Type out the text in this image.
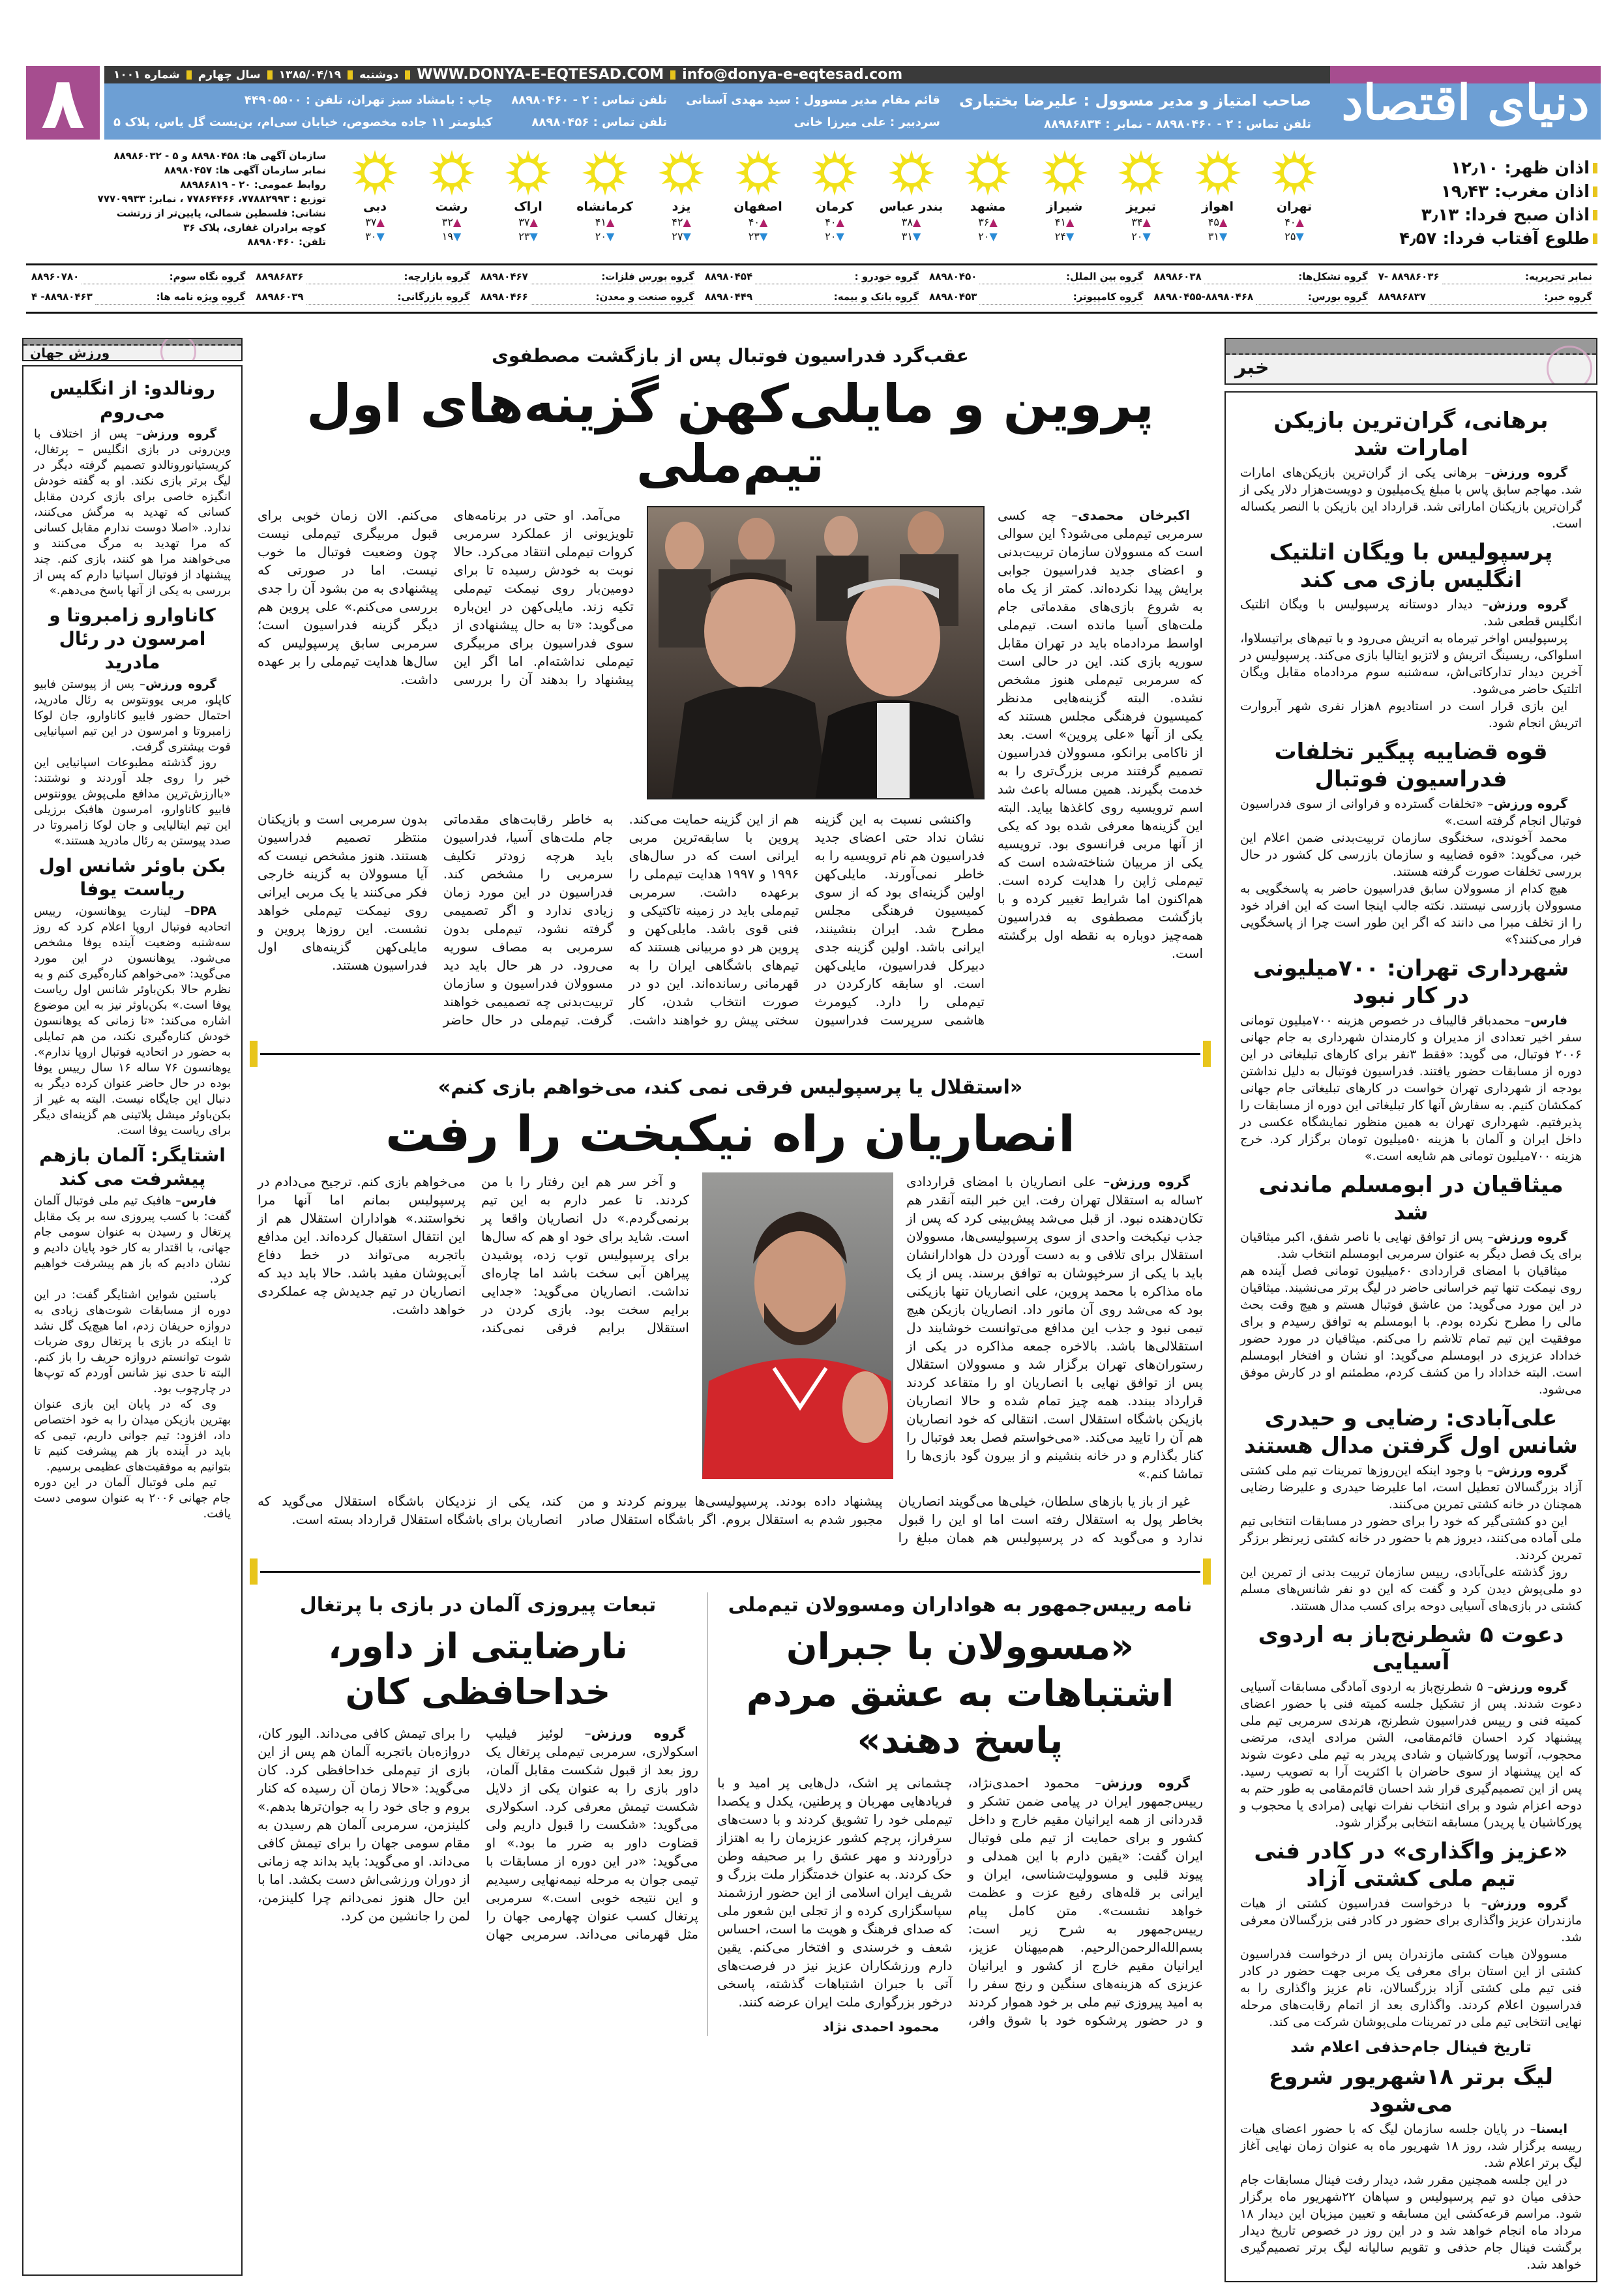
۸	شماره ۱۰۰۱ سال چهارم ۱۳۸۵/۰۴/۱۹ دوشنبه WWW.DONYA-E-EQTESAD.COM info@donya-e-eqtesad.com	دنیای اقتصاد
صاحب امتیاز و مدیر مسوول : علیرضا بختیاری
تلفن تماس : ۲ - ۸۸۹۸۰۴۶۰ - نمابر : ۸۸۹۸۶۸۳۴
قائم مقام مدیر مسوول : سید مهدی آستانی
سردبیر : علی میرزا خانی
تلفن تماس : ۲ - ۸۸۹۸۰۴۶۰
تلفن تماس : ۸۸۹۸۰۴۵۶
چاپ : بامشاد سبز تهران، تلفن : ۴۴۹۰۵۵۰۰
کیلومتر ۱۱ جاده مخصوص، خیابان سی‌ام، بن‌بست گل یاس، پلاک ۵
اذان ظهر: ۱۲٫۱۰
اذان مغرب: ۱۹٫۴۳
اذان صبح فردا: ۳٫۱۳
طلوع آفتاب فردا: ۴٫۵۷
تهران
▲۴۰
▼۲۵
اهواز
▲۴۵
▼۳۱
تبریز
▲۳۴
▼۲۰
شیراز
▲۴۱
▼۲۴
مشهد
▲۳۶
▼۲۰
بندر عباس
▲۳۸
▼۳۱
کرمان
▲۴۰
▼۲۰
اصفهان
▲۴۰
▼۲۳
یزد
▲۴۲
▼۲۷
کرمانشاه
▲۴۱
▼۲۰
اراک
▲۳۷
▼۲۳
رشت
▲۳۲
▼۱۹
دبی
▲۳۷
▼۳۰
سازمان آگهی ها: ۸۸۹۸۰۴۵۸ و ۵ - ۸۸۹۸۶۰۳۲
نمابر سازمان آگهی ها: ۸۸۹۸۰۴۵۷
روابط عمومی: ۲۰ - ۸۸۹۸۶۸۱۹
توزیع : ۷۷۸۸۲۹۹۳، ۷۷۸۶۴۴۶۶ ، نمابر: ۷۷۷۰۹۹۳۳
نشانی: فلسطین شمالی، پایین‌تر از زرتشت
کوچه برادران غفاری، پلاک ۳۶
تلفن: ۸۸۹۸۰۴۶۰
نمابر تحریریه:
۸۸۹۸۶۰۳۶ -۷
گروه تشکل‌ها:
۸۸۹۸۶۰۳۸
گروه بین الملل:
۸۸۹۸۰۴۵۰
گروه خودرو :
۸۸۹۸۰۴۵۴
گروه بورس فلزات:
۸۸۹۸۰۴۶۷
گروه بازارچه:
۸۸۹۸۶۸۳۶
گروه نگاه سوم:
۸۸۹۶۰۷۸۰
گروه خبر:
۸۸۹۸۶۸۳۷
گروه بورس:
۸۸۹۸۰۴۵۵-۸۸۹۸۰۴۶۸
گروه کامپیوتر:
۸۸۹۸۰۴۵۳
گروه بانک و بیمه:
۸۸۹۸۰۴۴۹
گروه صنعت و معدن:
۸۸۹۸۰۴۶۶
گروه بازرگانی:
۸۸۹۸۶۰۳۹
گروه ویژه نامه ها:
۸۸۹۸۰۴۶۳- ۴
خبر
برهانی، گران‌ترین بازیکن امارات شد
گروه ورزش– برهانی یکی از گران‌ترین بازیکن‌های امارات شد. مهاجم سابق پاس با مبلغ یک‌میلیون و دویست‌هزار دلار یکی از گران‌ترین بازیکنان اماراتی شد. قرارداد این بازیکن با النصر یکساله است.
پرسپولیس با ویگان اتلتیک انگلیس بازی می کند
گروه ورزش– دیدار دوستانه پرسپولیس با ویگان اتلتیک انگلیس قطعی شد.
پرسپولیس اواخر تیرماه به اتریش می‌رود و با تیم‌های براتیسلاوا، اسلواکی، ریسینگ اتریش و لاتزیو ایتالیا بازی می‌کند. پرسپولیس در آخرین دیدار تدارکاتی‌اش، سه‌شنبه سوم مردادماه مقابل ویگان اتلتیک حاضر می‌شود.
این بازی قرار است در استادیوم ۸هزار نفری شهر آبروارت اتریش انجام شود.
قوه قضاییه پیگیر تخلفات فدراسیون فوتبال
گروه ورزش– «تخلفات گسترده و فراوانی از سوی فدراسیون فوتبال انجام گرفته است.»
محمد آخوندی، سخنگوی سازمان تربیت‌بدنی ضمن اعلام این خبر، می‌گوید: «قوه قضاییه و سازمان بازرسی کل کشور در حال بررسی تخلفات صورت گرفته هستند.
هیچ کدام از مسوولان سابق فدراسیون حاضر به پاسخگویی به مسوولان بازرسی نیستند. نکته جالب اینجا است که این افراد خود را از تخلف مبرا می دانند که اگر این طور است چرا از پاسخگویی فرار می‌کنند؟»
شهرداری تهران: ۷۰۰میلیونی در کار نبود
فارس– محمدباقر قالیباف در خصوص هزینه ۷۰۰میلیون تومانی سفر اخیر تعدادی از مدیران و کارمندان شهرداری به جام جهانی ۲۰۰۶ فوتبال، می گوید: «فقط ۳نفر برای کارهای تبلیغاتی در این دوره از مسابقات حضور یافتند. فدراسیون فوتبال به دلیل نداشتن بودجه از شهرداری تهران خواست در کارهای تبلیغاتی جام جهانی کمکشان کنیم. به سفارش آنها کار تبلیغاتی این دوره از مسابقات را پذیرفتیم. شهرداری تهران به همین منظور نمایشگاه عکسی در داخل ایران و آلمان با هزینه ۵۰میلیون تومان برگزار کرد. خرج هزینه ۷۰۰میلیون تومانی هم شایعه است.»
میثاقیان در ابومسلم ماندنی شد
گروه ورزش– پس از توافق نهایی با ناصر شفق، اکبر میثاقیان برای یک فصل دیگر به عنوان سرمربی ابومسلم انتخاب شد.
میثاقیان با امضای قراردادی ۶۰میلیون تومانی فصل آینده هم روی نیمکت تنها تیم خراسانی حاضر در لیگ برتر می‌نشیند. میثاقیان در این مورد می‌گوید: من عاشق فوتبال هستم و هیچ وقت بحث مالی را مطرح نکرده بودم. با ابومسلم به توافق رسیدم و برای موفقیت این تیم تمام تلاشم را می‌کنم. میثاقیان در مورد حضور خداداد عزیزی در ابومسلم می‌گوید: او نشان و افتخار ابومسلم است. البته خداداد را من کشف کردم، مطمئنم او در کارش موفق می‌شود.
علی‌آبادی: رضایی و حیدری شانس اول گرفتن مدال هستند
گروه ورزش– با وجود اینکه این‌روزها تمرینات تیم ملی کشتی آزاد بزرگسالان تعطیل است، اما علیرضا حیدری و علیرضا رضایی همچنان در خانه کشتی تمرین می‌کنند.
این دو کشتی‌گیر که خود را برای حضور در مسابقات انتخابی تیم ملی آماده می‌کنند، دیروز هم با حضور در خانه کشتی زیرنظر برزگر تمرین کردند.
روز گذشته علی‌آبادی، رییس سازمان تربیت بدنی از تمرین این دو ملی‌پوش دیدن کرد و گفت که این دو نفر شانس‌های مسلم کشتی در بازی‌های آسیایی دوحه برای کسب مدال هستند.
دعوت ۵ شطرنج‌باز به اردوی آسیایی
گروه ورزش– ۵ شطرنج‌باز به اردوی آمادگی مسابقات آسیایی دعوت شدند. پس از تشکیل جلسه کمیته فنی با حضور اعضای کمیته فنی و رییس فدراسیون شطرنج، هرندی سرمربی تیم ملی پیشنهاد کرد احسان قائم‌مقامی، الشن مرادی ایدی، مرتضی محجوب، آتوسا پورکاشیان و شادی پریدر به تیم ملی دعوت شوند که این پیشنهاد از سوی حاضران با اکثریت آرا به تصویب رسید. پس از این تصمیم‌گیری قرار شد احسان قائم‌مقامی به طور حتم به دوحه اعزام شود و برای انتخاب نفرات نهایی (مرادی یا محجوب و پورکاشیان یا پریدر) مسابقه انتخابی برگزار شود.
«عزیز واگذاری» در کادر فنی تیم ملی کشتی آزاد
گروه ورزش– با درخواست فدراسیون کشتی از هیات مازندران عزیز واگذاری برای حضور در کادر فنی بزرگسالان معرفی شد.
مسوولان هیات کشتی مازندران پس از درخواست فدراسیون کشتی از این استان برای معرفی یک مربی جهت حضور در کادر فنی تیم ملی کشتی آزاد بزرگسالان، نام عزیز واگذاری را به فدراسیون اعلام کردند. واگذاری بعد از اتمام رقابت‌های مرحله نهایی انتخابی تیم ملی در تمرینات ملی‌پوشان شرکت می کند.
تاریخ فینال جام‌حذفی اعلام شد
لیگ برتر ۱۸شهریور شروع می‌شود
ایسنا– در پایان جلسه سازمان لیگ که با حضور اعضای هیات رییسه برگزار شد، روز ۱۸ شهریور ماه به عنوان زمان نهایی آغاز لیگ برتر اعلام شد.
در این جلسه همچنین مقرر شد، دیدار رفت فینال مسابقات جام حذفی میان دو تیم پرسپولیس و سپاهان ۲۲شهریور ماه برگزار شود. مراسم قرعه‌کشی این مسابقه و تعیین میزبان این دیدار ۱۸ مرداد ماه انجام خواهد شد و در این روز در خصوص تاریخ دیدار برگشت فینال جام حذفی و تقویم سالیانه لیگ برتر تصمیم‌گیری خواهد شد.
ورزش جهان
رونالدو: از انگلیس می‌روم
گروه ورزش– پس از اختلاف با وین‌رونی در بازی انگلیس – پرتغال، کریستیانورونالدو تصمیم گرفته دیگر در لیگ برتر بازی نکند. او به گفته خودش انگیزه خاصی برای بازی کردن مقابل کسانی که تهدید به مرگش می‌کنند، ندارد. «اصلا دوست ندارم مقابل کسانی که مرا تهدید به مرگ می‌کنند و می‌خواهند مرا هو کنند، بازی کنم. چند پیشنهاد از فوتبال اسپانیا دارم که پس از بررسی به یکی از آنها پاسخ می‌دهم.»
کاناوارو زامبروتا و امرسون در رئال مادرید
گروه ورزش– پس از پیوستن فابیو کاپلو، مربی یوونتوس به رئال مادرید، احتمال حضور فابیو کاناوارو، جان لوکا زامبروتا و امرسون در این تیم اسپانیایی قوت بیشتری گرفت.
روز گذشته مطبوعات اسپانیایی این خبر را روی جلد آوردند و نوشتند: «باارزش‌ترین مدافع ملی‌پوش یوونتوس فابیو کاناوارو، امرسون هافبک برزیلی این تیم ایتالیایی و جان لوکا زامبروتا در صدد پیوستن به رئال مادرید هستند.»
بکن باوئر شانس اول ریاست یوفا
DPA– لینارت یوهانسون، رییس اتحادیه فوتبال اروپا اعلام کرد که روز سه‌شنبه وضعیت آینده یوفا مشخص می‌شود. یوهانسون در این مورد می‌گوید: «می‌خواهم کناره‌گیری کنم و به نظرم حالا بکن‌باوئر شانس اول ریاست یوفا است.» بکن‌باوئر نیز به این موضوع اشاره می‌کند: «تا زمانی که یوهانسون خودش کناره‌گیری نکند، من هم تمایلی به حضور در اتحادیه فوتبال اروپا ندارم». یوهانسون ۷۶ ساله ۱۶ سال رییس یوفا بوده در حال حاضر عنوان کرده دیگر به دنبال این جایگاه نیست. البته به غیر از بکن‌باوئر میشل پلاتینی هم گزینه‌ای دیگر برای ریاست یوفا است.
اشتایگر: آلمان بازهم پیشرفت می کند
فارس– هافبک تیم ملی فوتبال آلمان گفت: با کسب پیروزی سه بر یک مقابل پرتغال و رسیدن به عنوان سومی جام جهانی، با اقتدار به کار خود پایان دادیم و نشان دادیم که باز هم پیشرفت خواهیم کرد.
باستین شواین اشتایگر گفت: در این دوره از مسابقات شوت‌های زیادی به دروازه حریفان زدم، اما هیچ‌یک گل نشد تا اینکه در بازی با پرتغال روی ضربات شوت توانستم دروازه حریف را باز کنم. البته تا حدی نیز شانس آوردم که توپ‌ها در چارچوب بود.
وی که در پایان این بازی عنوان بهترین بازیکن میدان را به خود اختصاص داد، افزود: تیم جوانی داریم، تیمی که باید در آینده باز هم پیشرفت کنیم تا بتوانیم به موفقیت‌های عظیمی برسیم.
تیم ملی فوتبال آلمان در این دوره جام جهانی ۲۰۰۶ به عنوان سومی دست یافت.
عقب‌گرد فدراسیون فوتبال پس از بازگشت مصطفوی
پروین و مایلی‌کهن گزینه‌های اول تیم‌ملی

اکبرخان محمدی– چه کسی سرمربی تیم‌ملی می‌شود؟ این سوالی است که مسوولان سازمان تربیت‌بدنی و اعضای جدید فدراسیون جوابی برایش پیدا نکرده‌اند. کمتر از یک ماه به شروع بازی‌های مقدماتی جام ملت‌های آسیا مانده است. تیم‌ملی اواسط مردادماه باید در تهران مقابل سوریه بازی کند. این در حالی است که سرمربی تیم‌ملی هنوز مشخص نشده. البته گزینه‌هایی مدنظر کمیسیون فرهنگی مجلس هستند که یکی از آنها «علی پروین» است. بعد از ناکامی برانکو، مسوولان فدراسیون تصمیم گرفتند مربی بزرگ‌تری را به خدمت بگیرند. همین مساله باعث شد اسم ترویسیه روی کاغذها بیاید. البته این گزینه‌ها معرفی شده بود که یکی از آنها مربی فرانسوی بود. ترویسیه یکی از مربیان شناخته‌شده است که تیم‌ملی ژاپن را هدایت کرده است. هم‌اکنون اما شرایط تغییر کرده و با بازگشت مصطفوی به فدراسیون همه‌چیز دوباره به نقطه اول برگشته است.

می‌آمد. او حتی در برنامه‌های تلویزیونی از عملکرد سرمربی کروات تیم‌ملی انتقاد می‌کرد. حالا نوبت به خودش رسیده تا برای دومین‌بار روی نیمکت تیم‌ملی تکیه زند. مایلی‌کهن در این‌باره می‌گوید: «تا به حال پیشنهادی از سوی فدراسیون برای مربیگری تیم‌ملی نداشته‌ام. اما اگر این پیشنهاد را بدهند آن را بررسی می‌کنم. الان زمان خوبی برای قبول مربیگری تیم‌ملی نیست چون وضعیت فوتبال ما خوب نیست. اما در صورتی که پیشنهادی به من بشود آن را جدی بررسی می‌کنم.» علی پروین هم دیگر گزینه فدراسیون است؛ سرمربی سابق پرسپولیس که سال‌ها هدایت تیم‌ملی را بر عهده داشت.

واکنشی نسبت به این گزینه نشان نداد حتی اعضای جدید فدراسیون هم نام ترویسیه را به خاطر نمی‌آورند. مایلی‌کهن اولین گزینه‌ای بود که از سوی کمیسیون فرهنگی مجلس مطرح شد. ایران بنشینند، ایرانی باشد. اولین گزینه جدی دبیرکل فدراسیون، مایلی‌کهن است. او سابقه کارکردن در تیم‌ملی را دارد. کیومرث هاشمی سرپرست فدراسیون هم از این گزینه حمایت می‌کند. پروین با سابقه‌ترین مربی ایرانی است که در سال‌های ۱۹۹۶ و ۱۹۹۷ هدایت تیم‌ملی را برعهده داشت. سرمربی تیم‌ملی باید در زمینه تاکتیکی و فنی قوی باشد. مایلی‌کهن و پروین هر دو مربیانی هستند که تیم‌های باشگاهی ایران را به قهرمانی رسانده‌اند. این دو در صورت انتخاب شدن، کار سختی پیش رو خواهند داشت. به خاطر رقابت‌های مقدماتی جام ملت‌های آسیا، فدراسیون باید هرچه زودتر تکلیف سرمربی را مشخص کند. فدراسیون در این مورد زمان زیادی ندارد و اگر تصمیمی گرفته نشود، تیم‌ملی بدون سرمربی به مصاف سوریه می‌رود. در هر حال باید دید مسوولان فدراسیون و سازمان تربیت‌بدنی چه تصمیمی خواهند گرفت. تیم‌ملی در حال حاضر بدون سرمربی است و بازیکنان منتظر تصمیم فدراسیون هستند. هنوز مشخص نیست که آیا مسوولان به گزینه خارجی فکر می‌کنند یا یک مربی ایرانی روی نیمکت تیم‌ملی خواهد نشست. این روزها پروین و مایلی‌کهن گزینه‌های اول فدراسیون هستند.

«استقلال یا پرسپولیس فرقی نمی کند، می‌خواهم بازی کنم»
انصاریان راه نیکبخت را رفت

گروه ورزش– علی انصاریان با امضای قراردادی ۲ساله به استقلال تهران رفت. این خبر البته آنقدر هم تکان‌دهنده نبود. از قبل می‌شد پیش‌بینی کرد که پس از جذب نیکبخت واحدی از سوی پرسپولیسی‌ها، مسوولان استقلال برای تلافی و به دست آوردن دل هوادارانشان باید با یکی از سرخپوشان به توافق برسند. پس از یک ماه مذاکره با محمد پروین، علی انصاریان تنها بازیکنی بود که می‌شد روی آن مانور داد. انصاریان بازیکن هیچ تیمی نبود و جذب این مدافع می‌توانست خوشایند دل استقلالی‌ها باشد. بالاخره جمعه مذاکره در یکی از رستوران‌های تهران برگزار شد و مسوولان استقلال پس از توافق نهایی با انصاریان او را متقاعد کردند قرارداد ببندد. همه چیز تمام شده و حالا انصاریان بازیکن باشگاه استقلال است. انتقالی که خود انصاریان هم آن را تایید می‌کند. «می‌خواستم فصل بعد فوتبال را کنار بگذارم و در خانه بنشینم و از بیرون گود بازی‌ها را تماشا کنم.»

و آخر سر هم این رفتار را با من کردند. تا عمر دارم به این تیم برنمی‌گردم.» دل انصاریان واقعا پر است. شاید برای خود او هم که سال‌ها برای پرسپولیس توپ زده، پوشیدن پیراهن آبی سخت باشد اما چاره‌ای نداشت. انصاریان می‌گوید: «جدایی برایم سخت بود. بازی کردن در استقلال برایم فرقی نمی‌کند، می‌خواهم بازی کنم. ترجیح می‌دادم در پرسپولیس بمانم اما آنها مرا نخواستند.» هواداران استقلال هم از این انتقال استقبال کرده‌اند. این مدافع باتجربه می‌تواند در خط دفاع آبی‌پوشان مفید باشد. حالا باید دید که انصاریان در تیم جدیدش چه عملکردی خواهد داشت.

غیر از باز یا بازهای سلطان، خیلی‌ها می‌گویند انصاریان بخاطر پول به استقلال رفته است اما او این را قبول ندارد و می‌گوید که در پرسپولیس هم همان مبلغ را پیشنهاد داده بودند. پرسپولیسی‌ها بیرونم کردند و من مجبور شدم به استقلال بروم. اگر باشگاه استقلال صادر کند، یکی از نزدیکان باشگاه استقلال می‌گوید که انصاریان برای باشگاه استقلال قرارداد بسته است.

نامه رییس‌جمهور به هواداران ومسوولان تیم‌ملی
«مسوولان با جبران اشتباهات به عشق مردم پاسخ دهند»

گروه ورزش– محمود احمدی‌نژاد، رییس‌جمهور ایران در پیامی ضمن تشکر و قدردانی از همه ایرانیان مقیم خارج و داخل کشور و برای حمایت از تیم ملی فوتبال ایران گفت: «یقین دارم با این همدلی و پیوند قلبی و مسوولیت‌شناسی، ایران و ایرانی بر قله‌های رفیع عزت و عظمت خواهد نشست». متن کامل پیام رییس‌جمهور به شرح زیر است: بسم‌الله‌الرحمن‌الرحیم. هم‌میهنان عزیز، ایرانیان مقیم خارج از کشور و ایرانیان عزیزی که هزینه‌های سنگین و رنج سفر را به امید پیروزی تیم ملی بر خود هموار کردند و در حضور پرشکوه خود با شوق وافر، چشمانی پر اشک، دل‌هایی پر امید و با فریادهایی مهربان و پرطنین، یکدل و یکصدا تیم‌ملی خود را تشویق کردند و با دست‌های سرفراز، پرچم کشور عزیزمان را به اهتزاز درآوردند و مهر عشق را بر صحیفه وطن حک کردند. به عنوان خدمتگزار ملت بزرگ و شریف ایران اسلامی از این حضور ارزشمند سپاسگزاری کرده و از تجلی این شعور ملی که صدای فرهنگ و هویت ما است، احساس شعف و خرسندی و افتخار می‌کنم. یقین دارم ورزشکاران عزیز نیز در فرصت‌های آتی با جبران اشتباهات گذشته، پاسخی درخور بزرگواری ملت ایران عرضه کنند.

محمود احمدی نژاد

تبعات پیروزی آلمان در بازی با پرتغال
نارضایتی از داور، خداحافظی کان

گروه ورزش– لوئیز فیلیپ اسکولاری، سرمربی تیم‌ملی پرتغال یک روز بعد از قبول شکست مقابل آلمان، داور بازی را به عنوان یکی از دلایل شکست تیمش معرفی کرد. اسکولاری می‌گوید: «شکست را قبول داریم ولی قضاوت داور به ضرر ما بود.» او می‌گوید: «در این دوره از مسابقات با تیمی جوان به مرحله نیمه‌نهایی رسیدیم و این نتیجه خوبی است.» سرمربی پرتغال کسب عنوان چهارمی جهان را مثل قهرمانی می‌داند. سرمربی جهان را برای تیمش کافی می‌داند. الیور کان، دروازه‌بان باتجربه آلمان هم پس از این بازی از تیم‌ملی خداحافظی کرد. کان می‌گوید: «حالا زمان آن رسیده که کنار بروم و جای خود را به جوان‌ترها بدهم.» کلینزمن، سرمربی آلمان هم رسیدن به مقام سومی جهان را برای تیمش کافی می‌داند. او می‌گوید: باید بداند چه زمانی از دوران ورزشی‌اش دست بکشد. اما با این حال هنوز نمی‌دانم چرا کلینزمن، لمن را جانشین من کرد.
